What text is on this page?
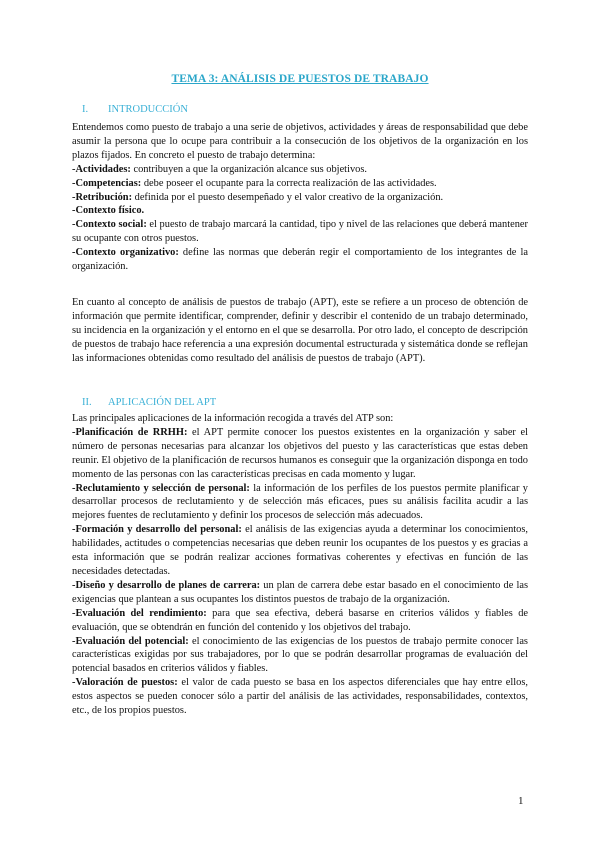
TEMA 3: ANÁLISIS DE PUESTOS DE TRABAJO
I. INTRODUCCIÓN

Entendemos como puesto de trabajo a una serie de objetivos, actividades y áreas de responsabilidad que debe asumir la persona que lo ocupe para contribuir a la consecución de los objetivos de la organización en los plazos fijados. En concreto el puesto de trabajo determina:

-Actividades: contribuyen a que la organización alcance sus objetivos.

-Competencias: debe poseer el ocupante para la correcta realización de las actividades.

-Retribución: definida por el puesto desempeñado y el valor creativo de la organización.

-Contexto físico.

-Contexto social: el puesto de trabajo marcará la cantidad, tipo y nivel de las relaciones que deberá mantener su ocupante con otros puestos.

-Contexto organizativo: define las normas que deberán regir el comportamiento de los integrantes de la organización.

En cuanto al concepto de análisis de puestos de trabajo (APT), este se refiere a un proceso de obtención de información que permite identificar, comprender, definir y describir el contenido de un trabajo determinado, su incidencia en la organización y el entorno en el que se desarrolla. Por otro lado, el concepto de descripción de puestos de trabajo hace referencia a una expresión documental estructurada y sistemática donde se reflejan las informaciones obtenidas como resultado del análisis de puestos de trabajo (APT).

II. APLICACIÓN DEL APT

Las principales aplicaciones de la información recogida a través del ATP son:

-Planificación de RRHH: el APT permite conocer los puestos existentes en la organización y saber el número de personas necesarias para alcanzar los objetivos del puesto y las características que estas deben reunir. El objetivo de la planificación de recursos humanos es conseguir que la organización disponga en todo momento de las personas con las características precisas en cada momento y lugar.

-Reclutamiento y selección de personal: la información de los perfiles de los puestos permite planificar y desarrollar procesos de reclutamiento y de selección más eficaces, pues su análisis facilita acudir a las mejores fuentes de reclutamiento y definir los procesos de selección más adecuados.

-Formación y desarrollo del personal: el análisis de las exigencias ayuda a determinar los conocimientos, habilidades, actitudes o competencias necesarias que deben reunir los ocupantes de los puestos y es gracias a esta información que se podrán realizar acciones formativas coherentes y efectivas en función de las necesidades detectadas.

-Diseño y desarrollo de planes de carrera: un plan de carrera debe estar basado en el conocimiento de las exigencias que plantean a sus ocupantes los distintos puestos de trabajo de la organización.

-Evaluación del rendimiento: para que sea efectiva, deberá basarse en criterios válidos y fiables de evaluación, que se obtendrán en función del contenido y los objetivos del trabajo.

-Evaluación del potencial: el conocimiento de las exigencias de los puestos de trabajo permite conocer las características exigidas por sus trabajadores, por lo que se podrán desarrollar programas de evaluación del potencial basados en criterios válidos y fiables.

-Valoración de puestos: el valor de cada puesto se basa en los aspectos diferenciales que hay entre ellos, estos aspectos se pueden conocer sólo a partir del análisis de las actividades, responsabilidades, contextos, etc., de los propios puestos.

1
